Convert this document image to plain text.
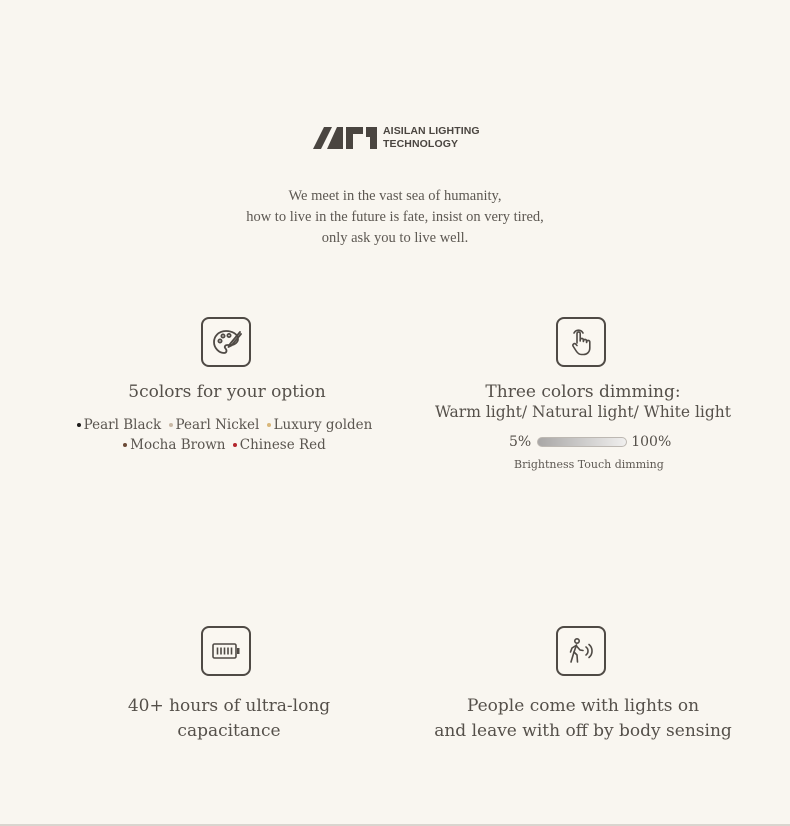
AISILAN LIGHTING
TECHNOLOGY
We meet in the vast sea of humanity,
how to live in the future is fate, insist on very tired,
only ask you to live well.
5colors for your option
Pearl Black Pearl Nickel Luxury golden
Mocha Brown Chinese Red
Three colors dimming:
Warm light/ Natural light/ White light
5%	100%
Brightness Touch dimming
40+ hours of ultra-long
capacitance
People come with lights on
and leave with off by body sensing
